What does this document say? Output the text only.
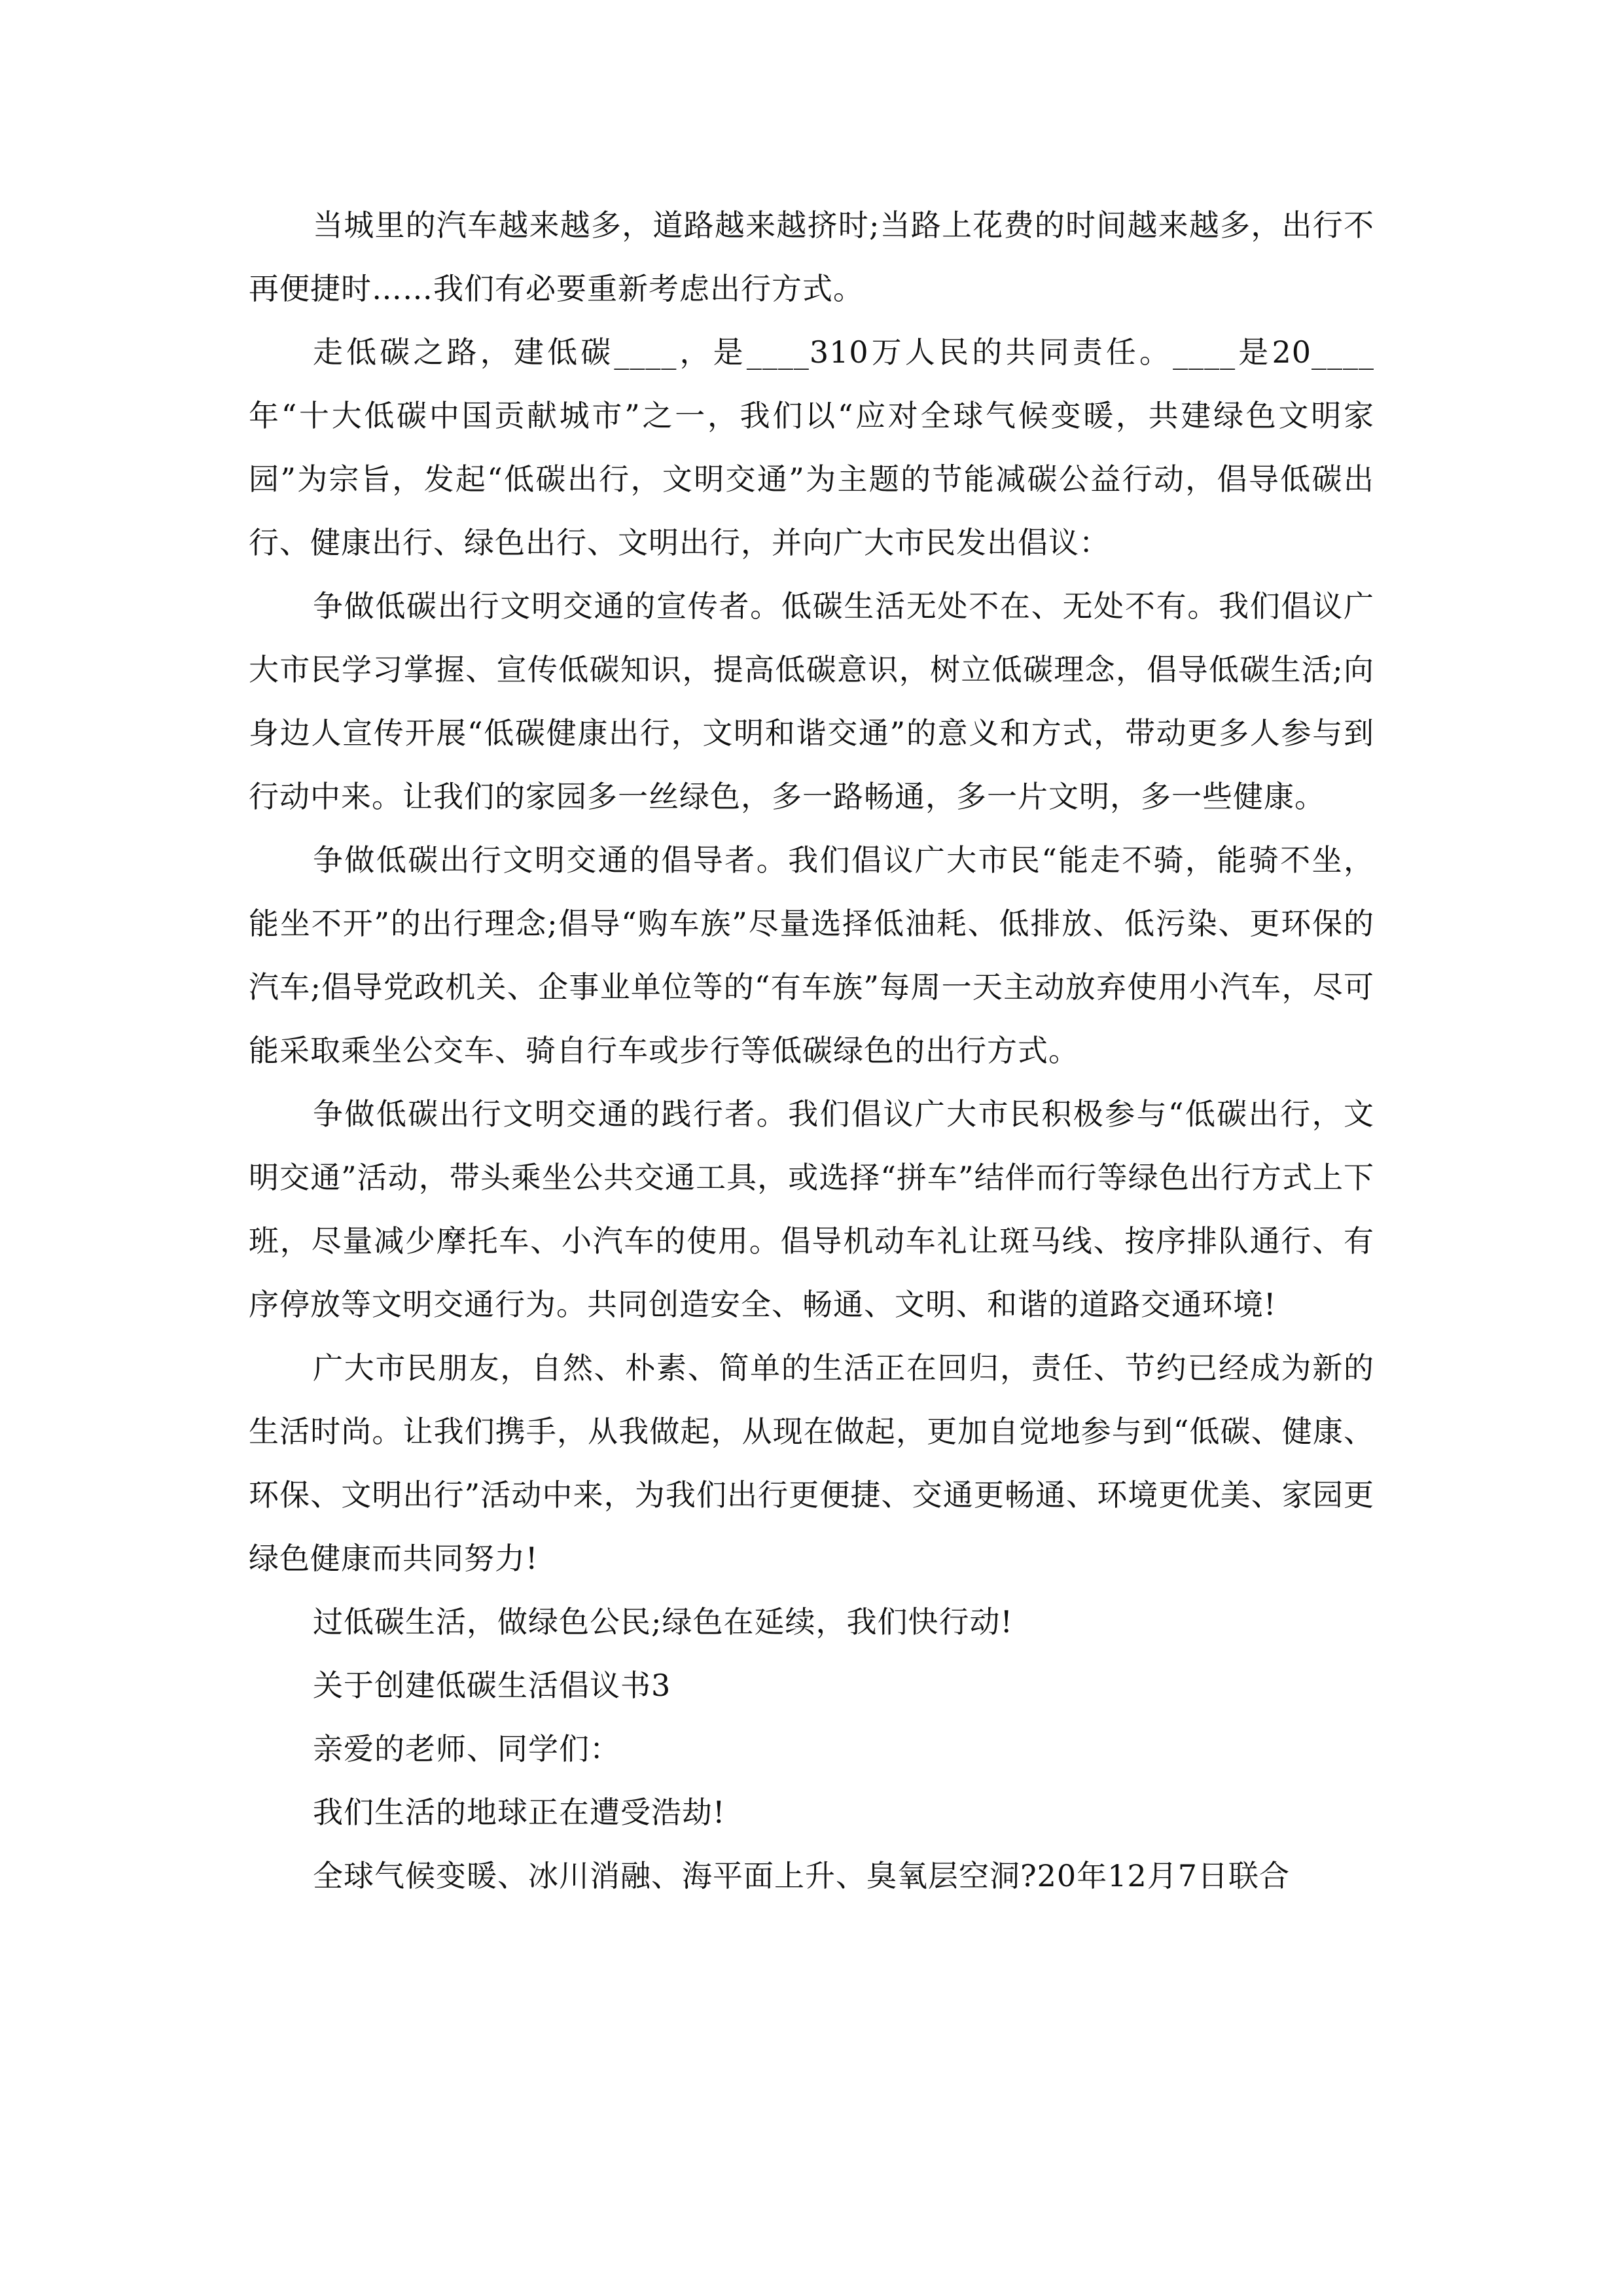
当城里的汽车越来越多，道路越来越挤时;当路上花费的时间越来越多，出行不再便捷时……我们有必要重新考虑出行方式。

走低碳之路，建低碳____，是____310万人民的共同责任。____是20____年“十大低碳中国贡献城市”之一，我们以“应对全球气候变暖，共建绿色文明家园”为宗旨，发起“低碳出行，文明交通”为主题的节能减碳公益行动，倡导低碳出行、健康出行、绿色出行、文明出行，并向广大市民发出倡议：

争做低碳出行文明交通的宣传者。低碳生活无处不在、无处不有。我们倡议广大市民学习掌握、宣传低碳知识，提高低碳意识，树立低碳理念，倡导低碳生活;向身边人宣传开展“低碳健康出行，文明和谐交通”的意义和方式，带动更多人参与到行动中来。让我们的家园多一丝绿色，多一路畅通，多一片文明，多一些健康。

争做低碳出行文明交通的倡导者。我们倡议广大市民“能走不骑，能骑不坐，能坐不开”的出行理念;倡导“购车族”尽量选择低油耗、低排放、低污染、更环保的汽车;倡导党政机关、企事业单位等的“有车族”每周一天主动放弃使用小汽车，尽可能采取乘坐公交车、骑自行车或步行等低碳绿色的出行方式。

争做低碳出行文明交通的践行者。我们倡议广大市民积极参与“低碳出行，文明交通”活动，带头乘坐公共交通工具，或选择“拼车”结伴而行等绿色出行方式上下班，尽量减少摩托车、小汽车的使用。倡导机动车礼让斑马线、按序排队通行、有序停放等文明交通行为。共同创造安全、畅通、文明、和谐的道路交通环境!

广大市民朋友，自然、朴素、简单的生活正在回归，责任、节约已经成为新的生活时尚。让我们携手，从我做起，从现在做起，更加自觉地参与到“低碳、健康、环保、文明出行”活动中来，为我们出行更便捷、交通更畅通、环境更优美、家园更绿色健康而共同努力!

过低碳生活，做绿色公民;绿色在延续，我们快行动!

关于创建低碳生活倡议书3

亲爱的老师、同学们：

我们生活的地球正在遭受浩劫!

全球气候变暖、冰川消融、海平面上升、臭氧层空洞?20年12月7日联合
